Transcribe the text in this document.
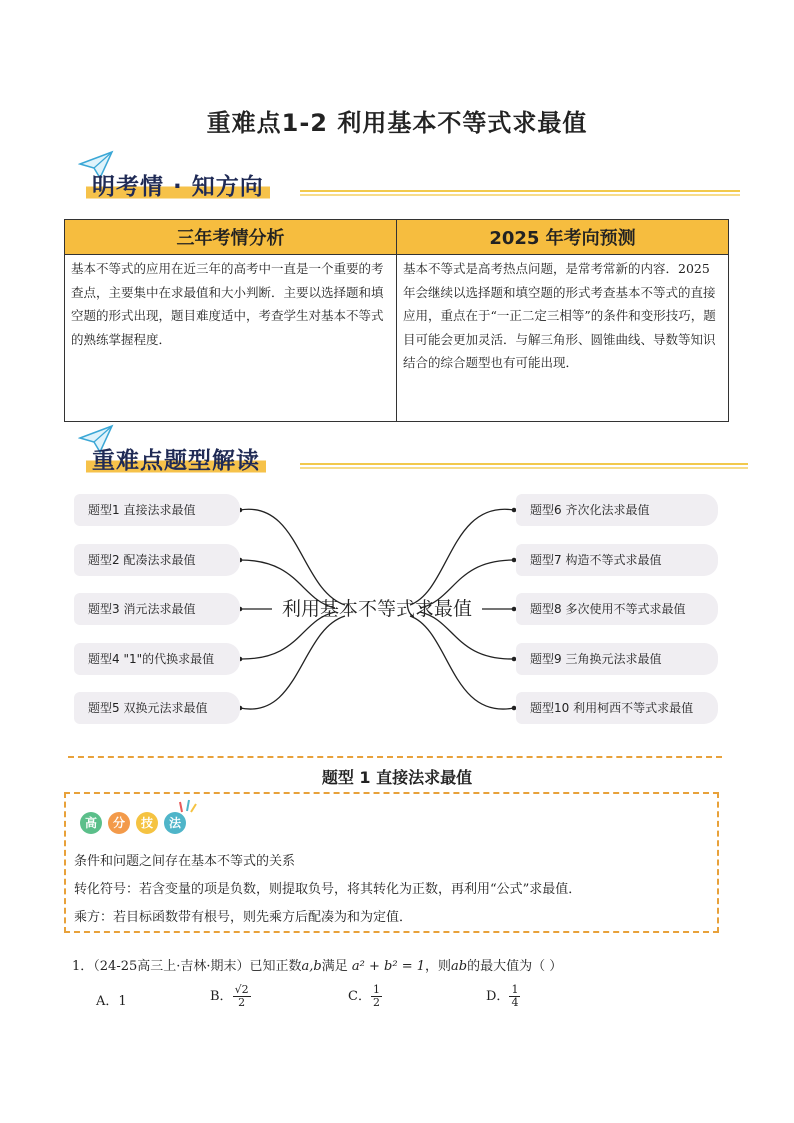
重难点1-2 利用基本不等式求最值
明考情 · 知方向
三年考情分析	2025 年考向预测
基本不等式的应用在近三年的高考中一直是一个重要的考查点，主要集中在求最值和大小判断．主要以选择题和填空题的形式出现，题目难度适中，考查学生对基本不等式的熟练掌握程度．	基本不等式是高考热点问题，是常考常新的内容．2025 年会继续以选择题和填空题的形式考查基本不等式的直接应用，重点在于“一正二定三相等”的条件和变形技巧，题目可能会更加灵活．与解三角形、圆锥曲线、导数等知识结合的综合题型也有可能出现．
重难点题型解读
利用基本不等式求最值
题型1 直接法求最值
题型2 配凑法求最值
题型3 消元法求最值
题型4 "1"的代换求最值
题型5 双换元法求最值
题型6 齐次化法求最值
题型7 构造不等式求最值
题型8 多次使用不等式求最值
题型9 三角换元法求最值
题型10 利用柯西不等式求最值
题型 1 直接法求最值
高	分	技	法
条件和问题之间存在基本不等式的关系
转化符号：若含变量的项是负数，则提取负号，将其转化为正数，再利用“公式”求最值．
乘方：若目标函数带有根号，则先乘方后配凑为和为定值．
1．（24-25高三上·吉林·期末）已知正数a,b满足 a² + b² = 1，则ab的最大值为（ ）
A．1	B． $\frac{√2}{2}$	C． $\frac{1}{2}$	D． $\frac{1}{4}$
